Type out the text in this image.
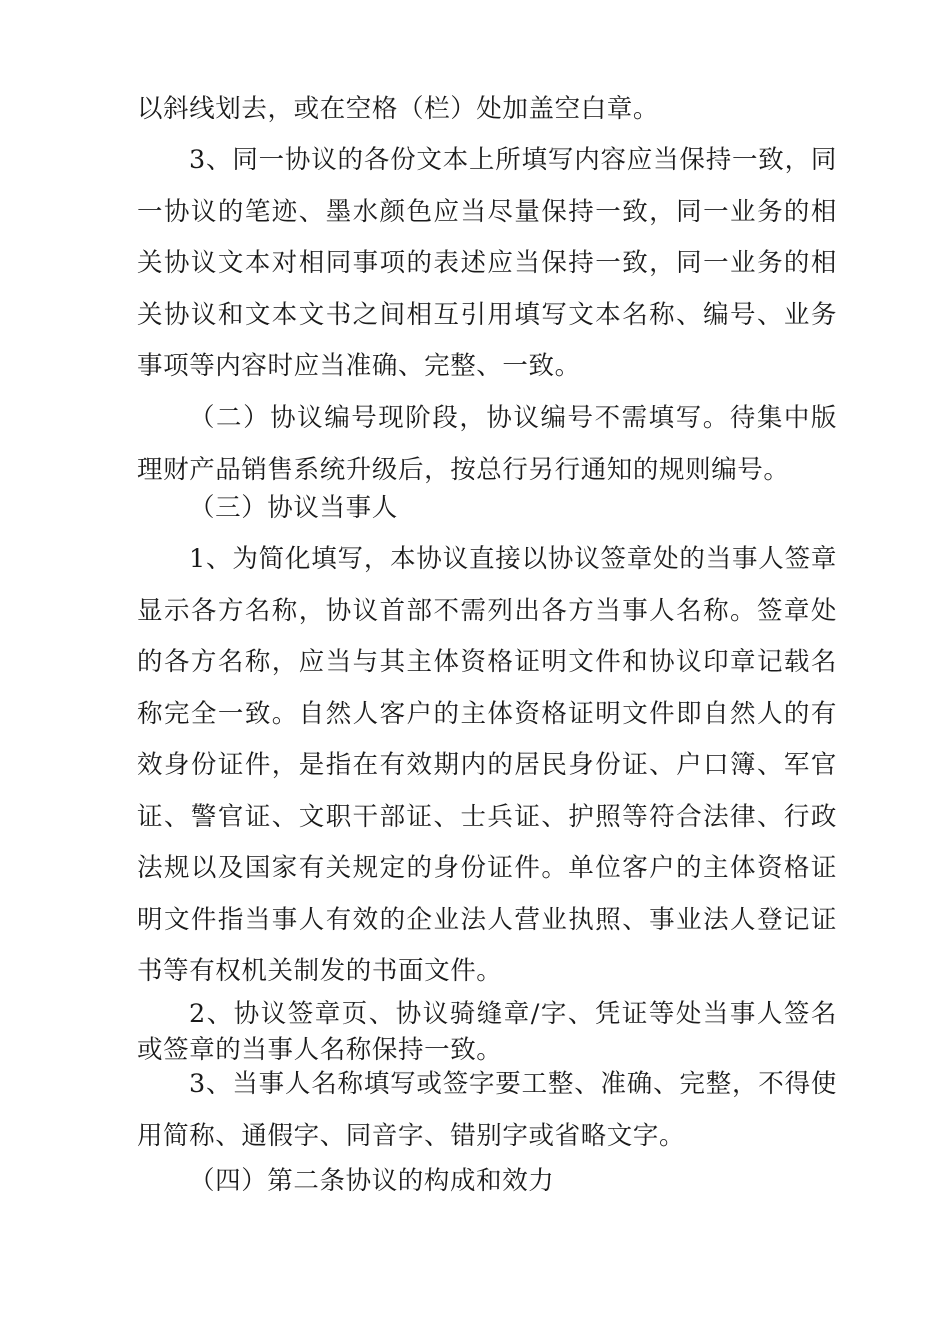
以斜线划去，或在空格（栏）处加盖空白章。

3、同一协议的各份文本上所填写内容应当保持一致，同一协议的笔迹、墨水颜色应当尽量保持一致，同一业务的相关协议文本对相同事项的表述应当保持一致，同一业务的相关协议和文本文书之间相互引用填写文本名称、编号、业务事项等内容时应当准确、完整、一致。

（二）协议编号现阶段，协议编号不需填写。待集中版理财产品销售系统升级后，按总行另行通知的规则编号。

（三）协议当事人

1、为简化填写，本协议直接以协议签章处的当事人签章显示各方名称，协议首部不需列出各方当事人名称。签章处的各方名称，应当与其主体资格证明文件和协议印章记载名称完全一致。自然人客户的主体资格证明文件即自然人的有效身份证件，是指在有效期内的居民身份证、户口簿、军官证、警官证、文职干部证、士兵证、护照等符合法律、行政法规以及国家有关规定的身份证件。单位客户的主体资格证明文件指当事人有效的企业法人营业执照、事业法人登记证书等有权机关制发的书面文件。

2、协议签章页、协议骑缝章/字、凭证等处当事人签名或签章的当事人名称保持一致。

3、当事人名称填写或签字要工整、准确、完整，不得使用简称、通假字、同音字、错别字或省略文字。

（四）第二条协议的构成和效力
